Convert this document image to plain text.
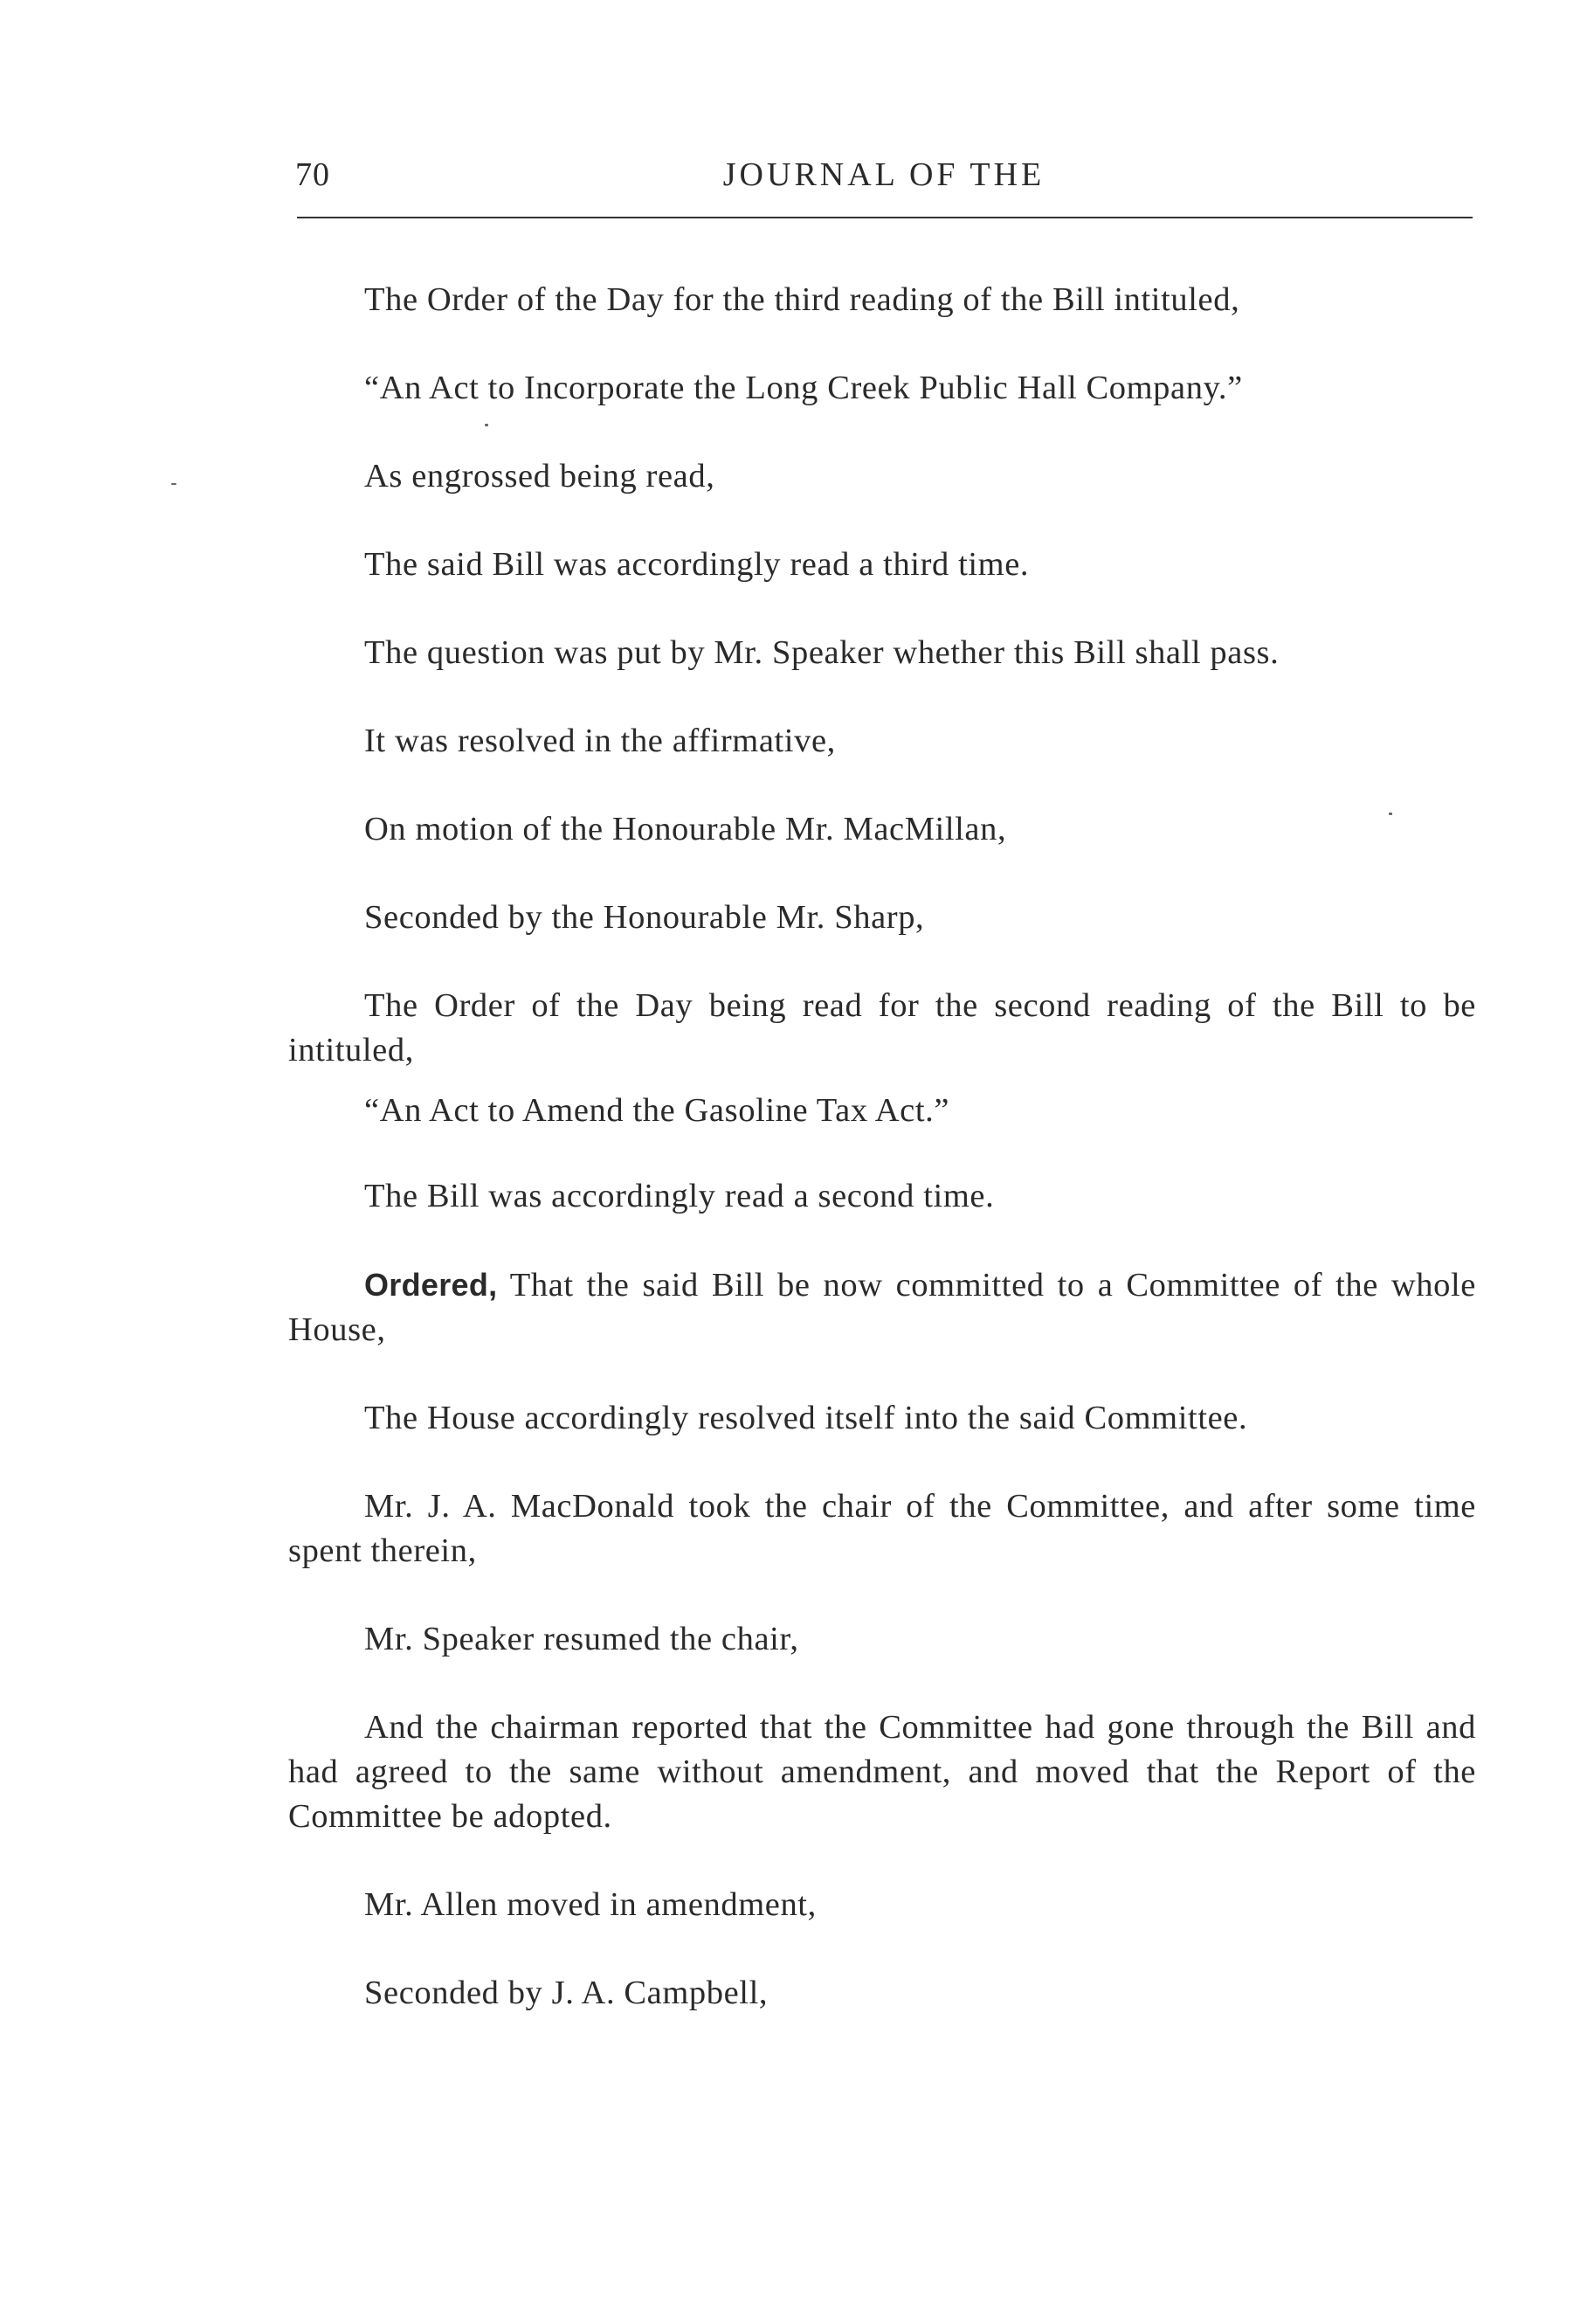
70	JOURNAL OF THE

The Order of the Day for the third reading of the Bill intituled,

“An Act to Incorporate the Long Creek Public Hall Company.”

As engrossed being read,

The said Bill was accordingly read a third time.

The question was put by Mr. Speaker whether this Bill shall pass.

It was resolved in the affirmative,

On motion of the Honourable Mr. MacMillan,

Seconded by the Honourable Mr. Sharp,

The Order of the Day being read for the second reading of the Bill to be intituled,

“An Act to Amend the Gasoline Tax Act.”

The Bill was accordingly read a second time.

Ordered, That the said Bill be now committed to a Committee of the whole House,

The House accordingly resolved itself into the said Committee.

Mr. J. A. MacDonald took the chair of the Committee, and after some time spent therein,

Mr. Speaker resumed the chair,

And the chairman reported that the Committee had gone through the Bill and had agreed to the same without amendment, and moved that the Report of the Committee be adopted.

Mr. Allen moved in amendment,

Seconded by J. A. Campbell,
